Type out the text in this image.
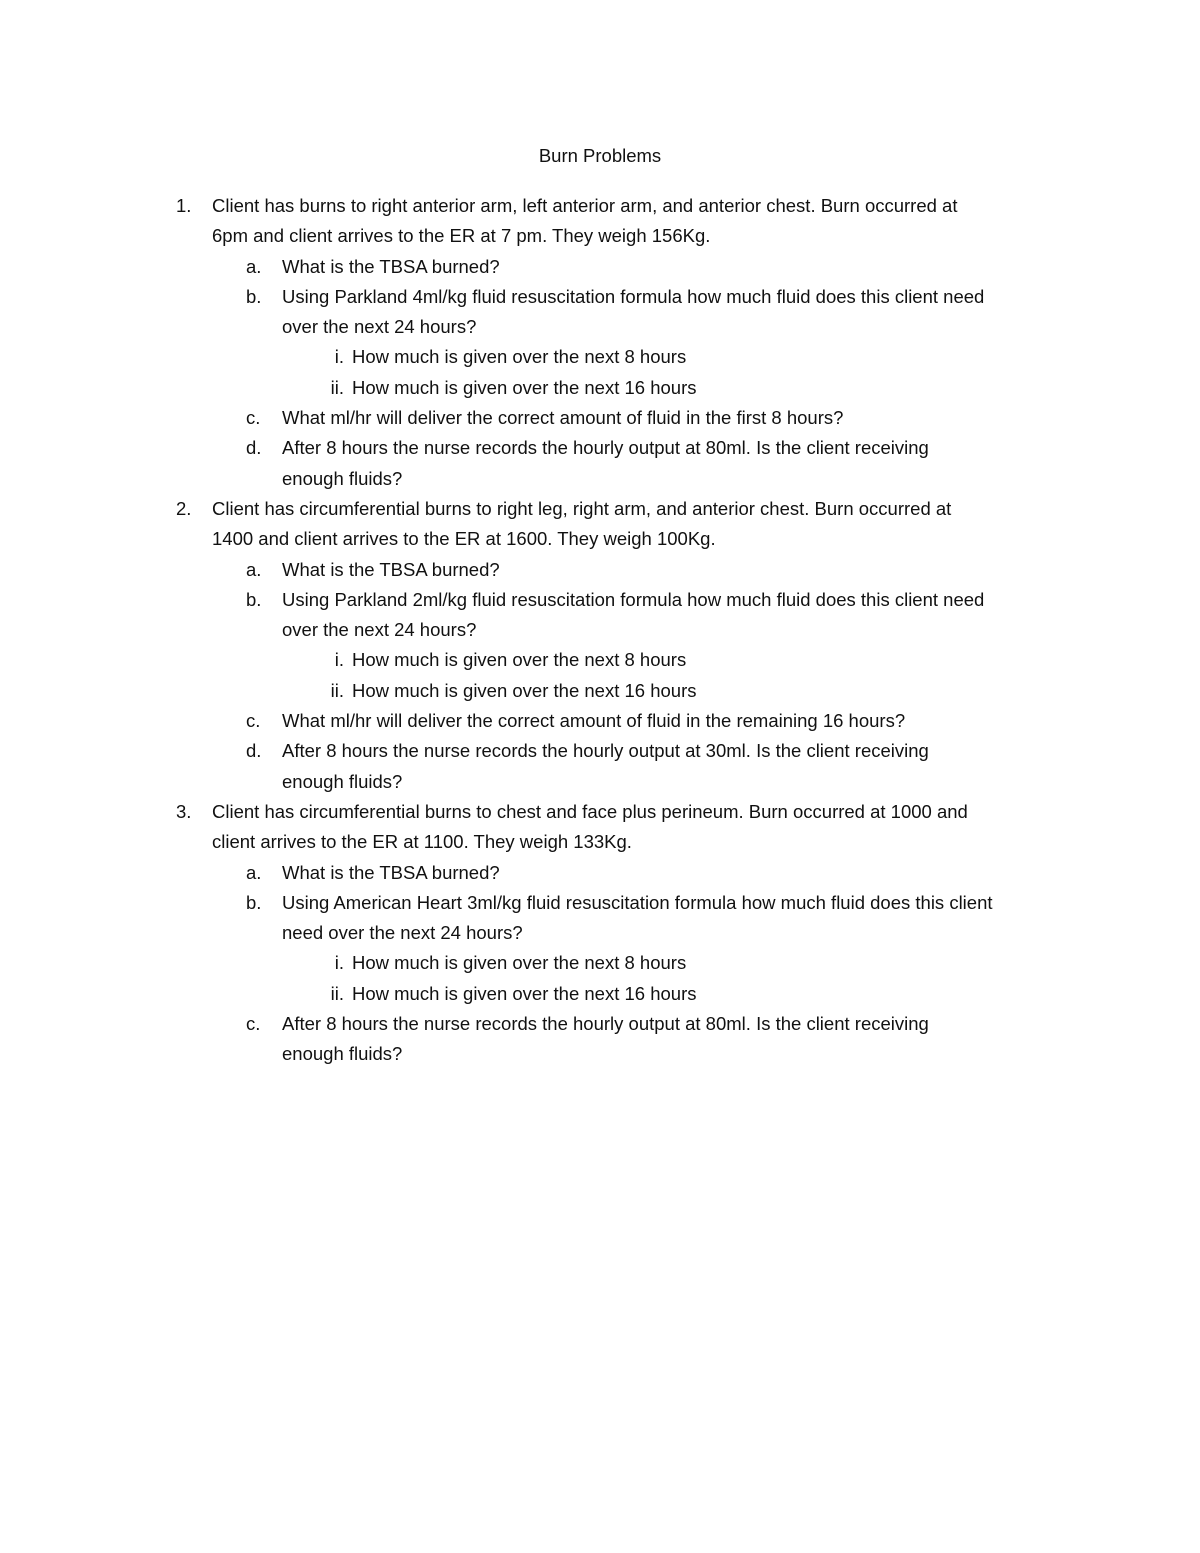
Burn Problems
1.	Client has burns to right anterior arm, left anterior arm, and anterior chest. Burn occurred at
6pm and client arrives to the ER at 7 pm. They weigh 156Kg.
a.	What is the TBSA burned?
b.	Using Parkland 4ml/kg fluid resuscitation formula how much fluid does this client need
over the next 24 hours?
i. How much is given over the next 8 hours
ii. How much is given over the next 16 hours
c.	What ml/hr will deliver the correct amount of fluid in the first 8 hours?
d.	After 8 hours the nurse records the hourly output at 80ml. Is the client receiving
enough fluids?
2.	Client has circumferential burns to right leg, right arm, and anterior chest. Burn occurred at
1400 and client arrives to the ER at 1600. They weigh 100Kg.
a.	What is the TBSA burned?
b.	Using Parkland 2ml/kg fluid resuscitation formula how much fluid does this client need
over the next 24 hours?
i. How much is given over the next 8 hours
ii. How much is given over the next 16 hours
c.	What ml/hr will deliver the correct amount of fluid in the remaining 16 hours?
d.	After 8 hours the nurse records the hourly output at 30ml. Is the client receiving
enough fluids?
3.	Client has circumferential burns to chest and face plus perineum. Burn occurred at 1000 and
client arrives to the ER at 1100. They weigh 133Kg.
a.	What is the TBSA burned?
b.	Using American Heart 3ml/kg fluid resuscitation formula how much fluid does this client
need over the next 24 hours?
i. How much is given over the next 8 hours
ii. How much is given over the next 16 hours
c.	After 8 hours the nurse records the hourly output at 80ml. Is the client receiving
enough fluids?
